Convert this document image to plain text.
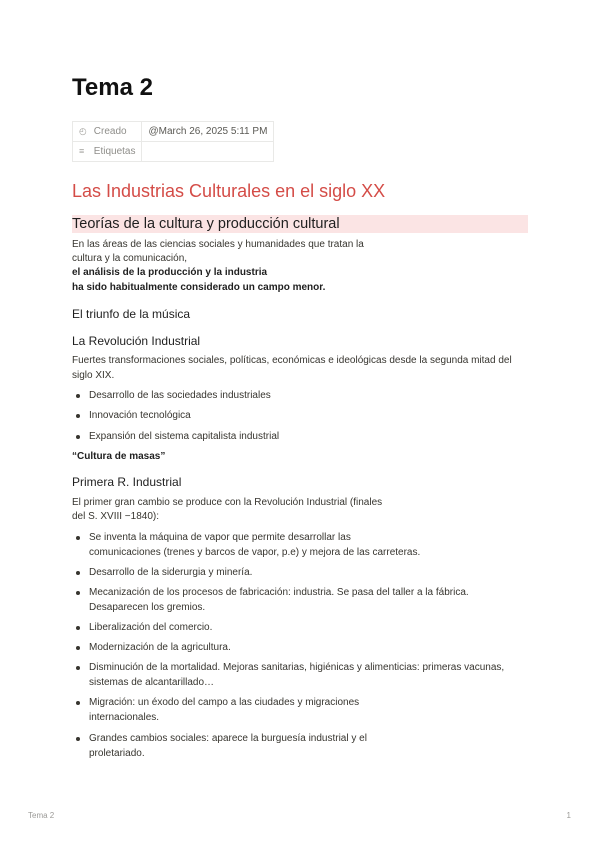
Tema 2
◴ Creado	@March 26, 2025 5:11 PM
≡ Etiquetas	
Las Industrias Culturales en el siglo XX
Teorías de la cultura y producción cultural
En las áreas de las ciencias sociales y humanidades que tratan la
cultura y la comunicación,
el análisis de la producción y la industria
ha sido habitualmente considerado un campo menor.
El triunfo de la música
La Revolución Industrial
Fuertes transformaciones sociales, políticas, económicas e ideológicas desde la segunda mitad del
siglo XIX.
Desarrollo de las sociedades industriales
Innovación tecnológica
Expansión del sistema capitalista industrial
“Cultura de masas”
Primera R. Industrial
El primer gran cambio se produce con la Revolución Industrial (finales
del S. XVIII −1840):
Se inventa la máquina de vapor que permite desarrollar las
comunicaciones (trenes y barcos de vapor, p.e) y mejora de las carreteras.
Desarrollo de la siderurgia y minería.
Mecanización de los procesos de fabricación: industria. Se pasa del taller a la fábrica.
Desaparecen los gremios.
Liberalización del comercio.
Modernización de la agricultura.
Disminución de la mortalidad. Mejoras sanitarias, higiénicas y alimenticias: primeras vacunas,
sistemas de alcantarillado…
Migración: un éxodo del campo a las ciudades y migraciones
internacionales.
Grandes cambios sociales: aparece la burguesía industrial y el
proletariado.
Tema 2	1
